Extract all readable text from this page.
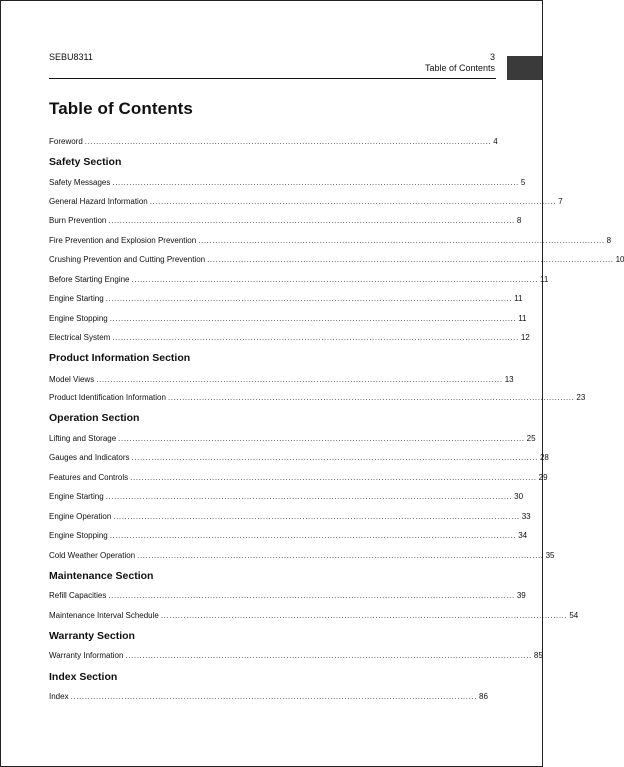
SEBU8311	3
Table of Contents
Table of Contents
Foreword ................................................................................................................................................ 4
Safety Section
Safety Messages ................................................................................................................................................ 5
General Hazard Information ................................................................................................................................................ 7
Burn Prevention ................................................................................................................................................ 8
Fire Prevention and Explosion Prevention ................................................................................................................................................ 8
Crushing Prevention and Cutting Prevention ................................................................................................................................................ 10
Before Starting Engine ................................................................................................................................................ 11
Engine Starting ................................................................................................................................................ 11
Engine Stopping ................................................................................................................................................ 11
Electrical System ................................................................................................................................................ 12
Product Information Section
Model Views ................................................................................................................................................ 13
Product Identification Information ................................................................................................................................................ 23
Operation Section
Lifting and Storage ................................................................................................................................................ 25
Gauges and Indicators ................................................................................................................................................ 28
Features and Controls ................................................................................................................................................ 29
Engine Starting ................................................................................................................................................ 30
Engine Operation ................................................................................................................................................ 33
Engine Stopping ................................................................................................................................................ 34
Cold Weather Operation ................................................................................................................................................ 35
Maintenance Section
Refill Capacities ................................................................................................................................................ 39
Maintenance Interval Schedule ................................................................................................................................................ 54
Warranty Section
Warranty Information ................................................................................................................................................ 85
Index Section
Index ................................................................................................................................................ 86
